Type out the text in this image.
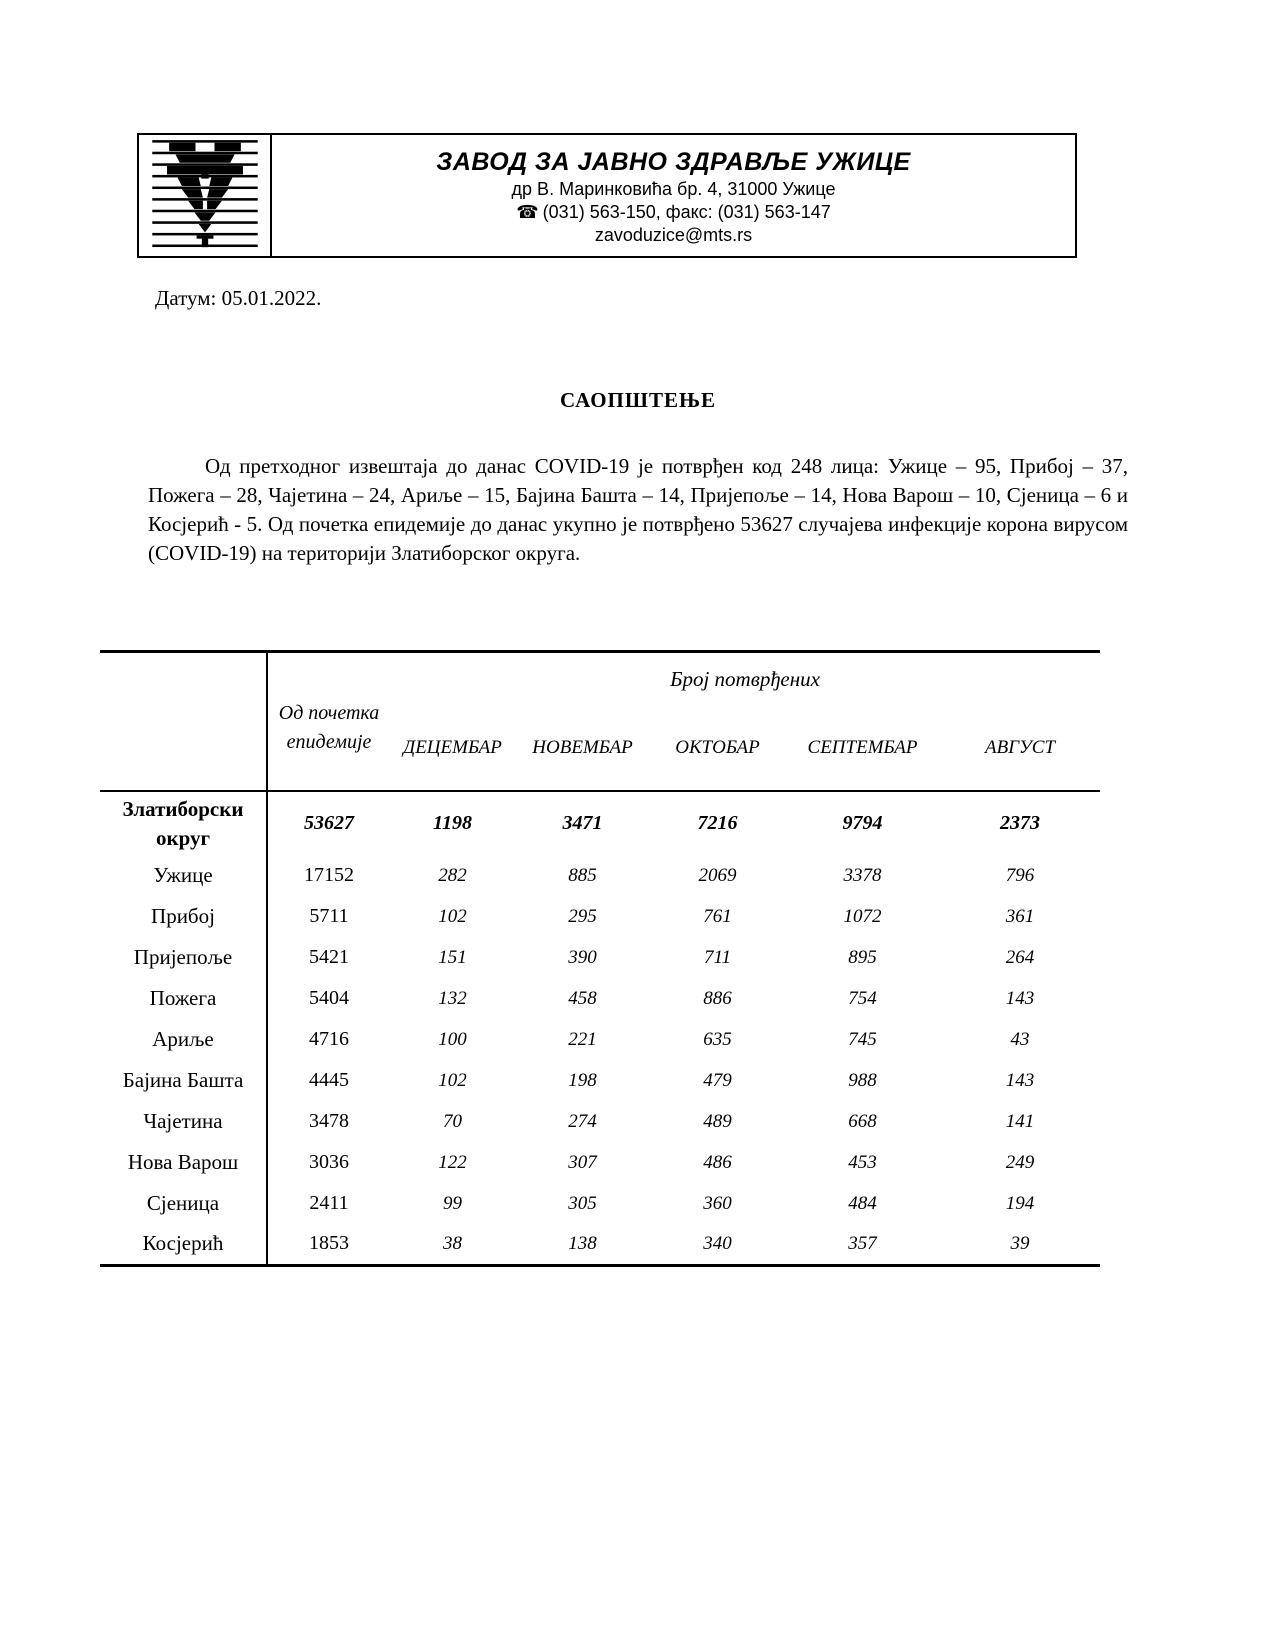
ЗАВОД ЗА ЈАВНО ЗДРАВЉЕ УЖИЦЕ
др В. Маринковића бр. 4, 31000 Ужице
☎ (031) 563-150, факс: (031) 563-147
zavoduzice@mts.rs
Датум: 05.01.2022.
САОПШТЕЊЕ
Од претходног извештаја до данас COVID-19 је потврђен код 248 лица: Ужице – 95, Прибој – 37, Пожега – 28, Чајетина – 24, Ариље – 15, Бајина Башта – 14, Пријепоље – 14, Нова Варош – 10, Сјеница – 6 и Косјерић - 5. Од почетка епидемије до данас укупно је потврђено 53627 случајева инфекције корона вирусом (COVID-19) на територији Златиборског округа.

	Од почетка епидемије	Број потврђених				
		ДЕЦЕМБАР	НОВЕМБАР	ОКТОБАР	СЕПТЕМБАР	АВГУСТ
Златиборски округ	53627	1198	3471	7216	9794	2373
Ужице	17152	282	885	2069	3378	796
Прибој	5711	102	295	761	1072	361
Пријепоље	5421	151	390	711	895	264
Пожега	5404	132	458	886	754	143
Ариље	4716	100	221	635	745	43
Бајина Башта	4445	102	198	479	988	143
Чајетина	3478	70	274	489	668	141
Нова Варош	3036	122	307	486	453	249
Сјеница	2411	99	305	360	484	194
Косјерић	1853	38	138	340	357	39
